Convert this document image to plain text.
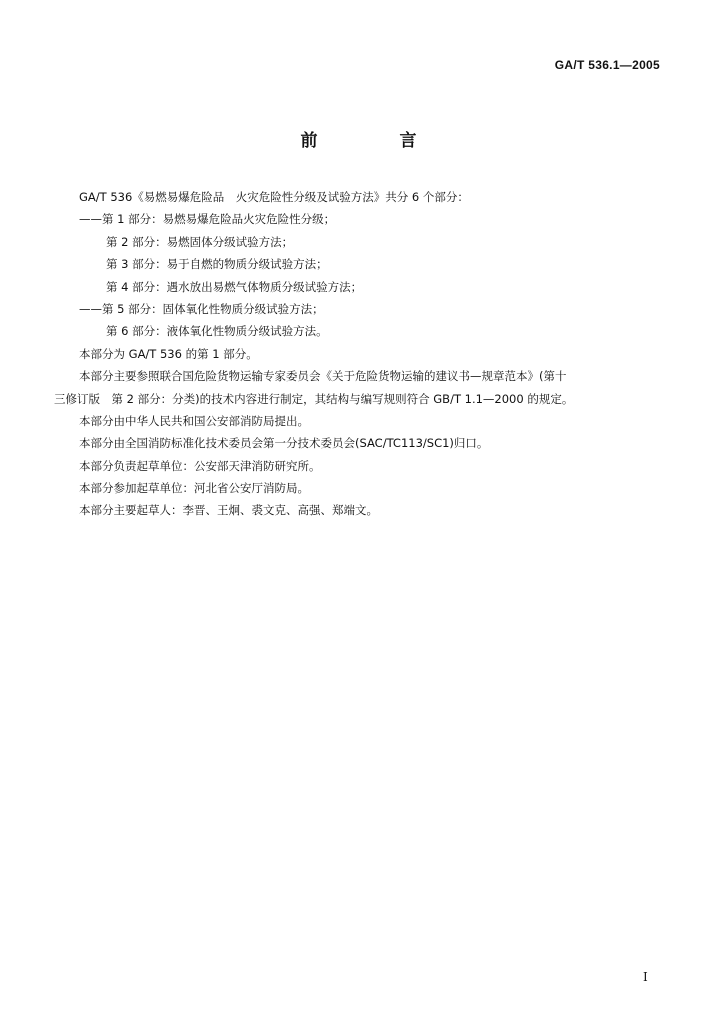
GA/T 536.1—2005
前 言
GA/T 536《易燃易爆危险品　火灾危险性分级及试验方法》共分 6 个部分：
——第 1 部分：易燃易爆危险品火灾危险性分级；
第 2 部分：易燃固体分级试验方法；
第 3 部分：易于自燃的物质分级试验方法；
第 4 部分：遇水放出易燃气体物质分级试验方法；
——第 5 部分：固体氧化性物质分级试验方法；
第 6 部分：液体氧化性物质分级试验方法。
本部分为 GA/T 536 的第 1 部分。
本部分主要参照联合国危险货物运输专家委员会《关于危险货物运输的建议书—规章范本》(第十
三修订版　第 2 部分：分类)的技术内容进行制定，其结构与编写规则符合 GB/T 1.1—2000 的规定。
本部分由中华人民共和国公安部消防局提出。
本部分由全国消防标准化技术委员会第一分技术委员会(SAC/TC113/SC1)归口。
本部分负责起草单位：公安部天津消防研究所。
本部分参加起草单位：河北省公安厅消防局。
本部分主要起草人：李晋、王炯、裘文克、高强、郑端文。
I
